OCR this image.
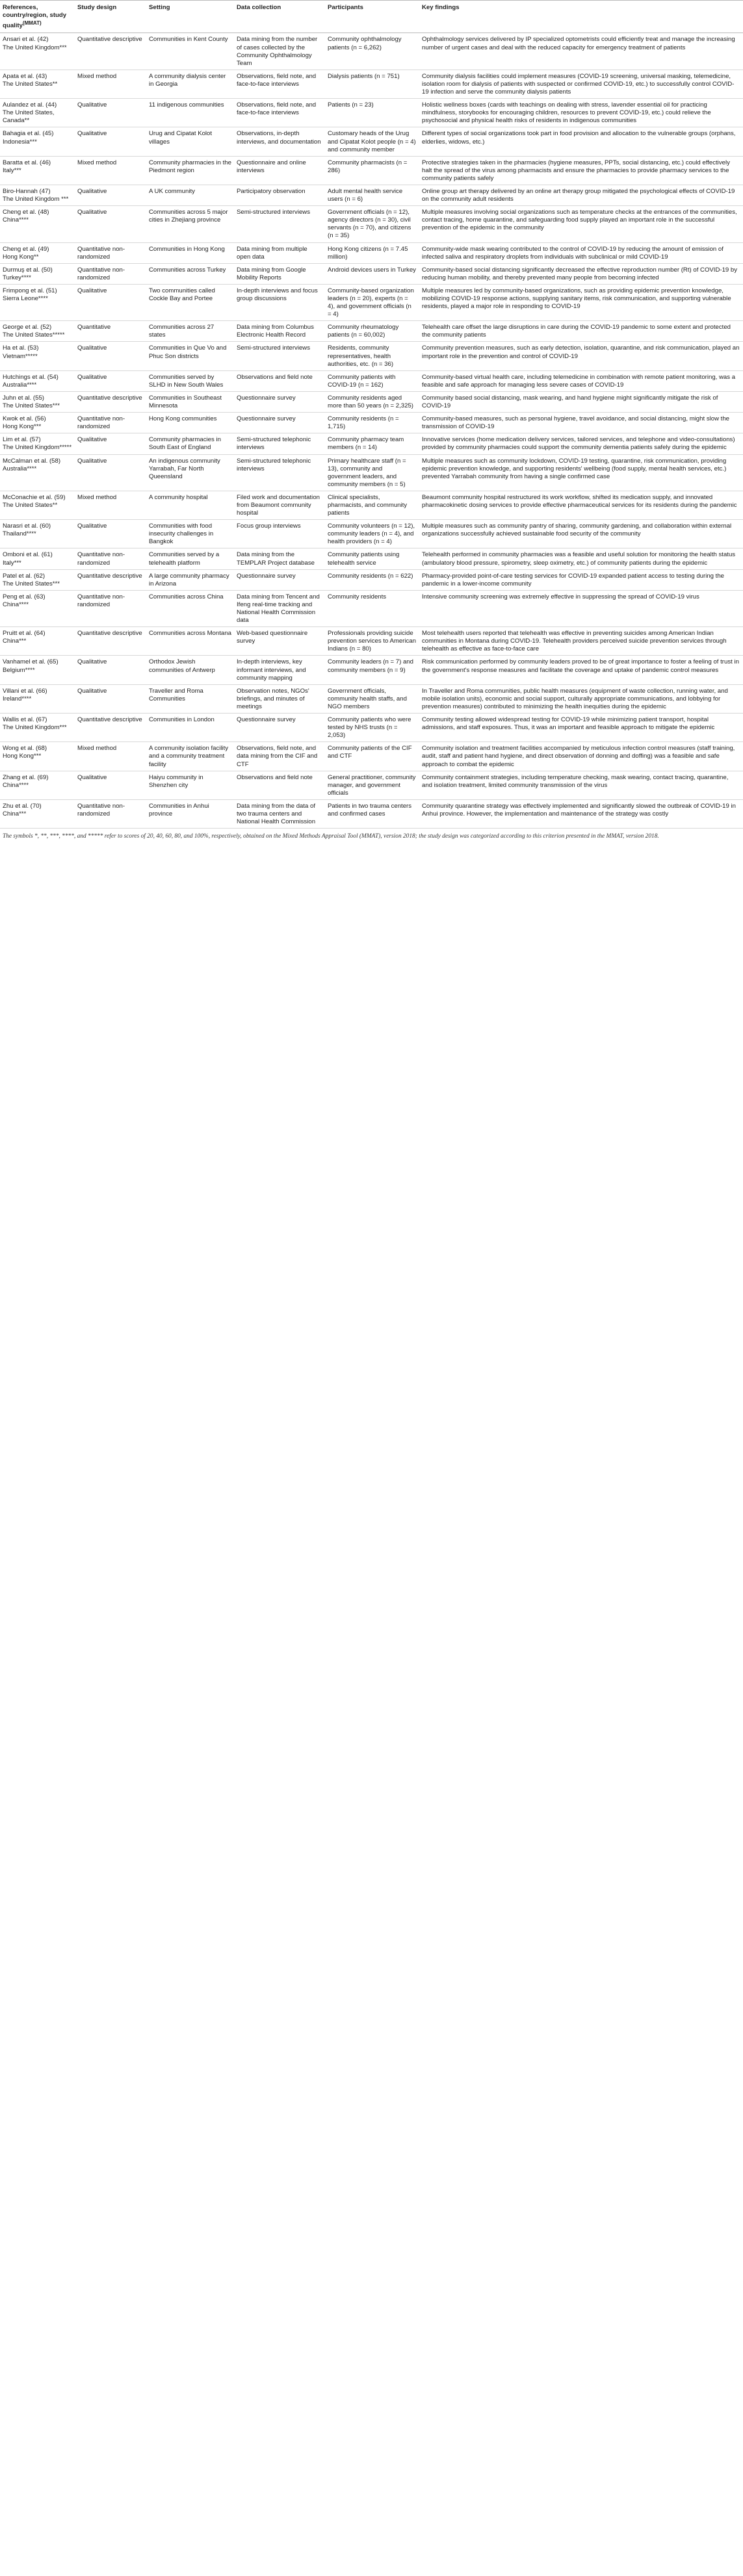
References, country/region, study quality$^{(MMAT)}$	Study design	Setting	Data collection	Participants	Key findings

Ansari et al. (42)
The United Kingdom***	Quantitative descriptive	Communities in Kent County	Data mining from the number of cases collected by the Community Ophthalmology Team	Community ophthalmology patients (n = 6,262)	Ophthalmology services delivered by IP specialized optometrists could efficiently treat and manage the increasing number of urgent cases and deal with the reduced capacity for emergency treatment of patients

Apata et al. (43)
The United States**	Mixed method	A community dialysis center in Georgia	Observations, field note, and face-to-face interviews	Dialysis patients (n = 751)	Community dialysis facilities could implement measures (COVID-19 screening, universal masking, telemedicine, isolation room for dialysis of patients with suspected or confirmed COVID-19, etc.) to successfully control COVID-19 infection and serve the community dialysis patients

Aulandez et al. (44)
The United States, Canada**	Qualitative	11 indigenous communities	Observations, field note, and face-to-face interviews	Patients (n = 23)	Holistic wellness boxes (cards with teachings on dealing with stress, lavender essential oil for practicing mindfulness, storybooks for encouraging children, resources to prevent COVID-19, etc.) could relieve the psychosocial and physical health risks of residents in indigenous communities

Bahagia et al. (45)
Indonesia***	Qualitative	Urug and Cipatat Kolot villages	Observations, in-depth interviews, and documentation	Customary heads of the Urug and Cipatat Kolot people (n = 4) and community member	Different types of social organizations took part in food provision and allocation to the vulnerable groups (orphans, elderlies, widows, etc.)

Baratta et al. (46)
Italy***	Mixed method	Community pharmacies in the Piedmont region	Questionnaire and online interviews	Community pharmacists (n = 286)	Protective strategies taken in the pharmacies (hygiene measures, PPTs, social distancing, etc.) could effectively halt the spread of the virus among pharmacists and ensure the pharmacies to provide pharmacy services to the community patients safely

Biro-Hannah (47)
The United Kingdom ***	Qualitative	A UK community	Participatory observation	Adult mental health service users (n = 6)	Online group art therapy delivered by an online art therapy group mitigated the psychological effects of COVID-19 on the community adult residents

Cheng et al. (48)
China****	Qualitative	Communities across 5 major cities in Zhejiang province	Semi-structured interviews	Government officials (n = 12), agency directors (n = 30), civil servants (n = 70), and citizens (n = 35)	Multiple measures involving social organizations such as temperature checks at the entrances of the communities, contact tracing, home quarantine, and safeguarding food supply played an important role in the successful prevention of the epidemic in the community

Cheng et al. (49)
Hong Kong**	Quantitative non-randomized	Communities in Hong Kong	Data mining from multiple open data	Hong Kong citizens (n = 7.45 million)	Community-wide mask wearing contributed to the control of COVID-19 by reducing the amount of emission of infected saliva and respiratory droplets from individuals with subclinical or mild COVID-19

Durmuş et al. (50)
Turkey****	Quantitative non-randomized	Communities across Turkey	Data mining from Google Mobility Reports	Android devices users in Turkey	Community-based social distancing significantly decreased the effective reproduction number (Rt) of COVID-19 by reducing human mobility, and thereby prevented many people from becoming infected

Frimpong et al. (51)
Sierra Leone****	Qualitative	Two communities called Cockle Bay and Portee	In-depth interviews and focus group discussions	Community-based organization leaders (n = 20), experts (n = 4), and government officials (n = 4)	Multiple measures led by community-based organizations, such as providing epidemic prevention knowledge, mobilizing COVID-19 response actions, supplying sanitary items, risk communication, and supporting vulnerable residents, played a major role in responding to COVID-19

George et al. (52)
The United States*****	Quantitative	Communities across 27 states	Data mining from Columbus Electronic Health Record	Community rheumatology patients (n = 60,002)	Telehealth care offset the large disruptions in care during the COVID-19 pandemic to some extent and protected the community patients

Ha et al. (53)
Vietnam*****	Qualitative	Communities in Que Vo and Phuc Son districts	Semi-structured interviews	Residents, community representatives, health authorities, etc. (n = 36)	Community prevention measures, such as early detection, isolation, quarantine, and risk communication, played an important role in the prevention and control of COVID-19

Hutchings et al. (54)
Australia****	Qualitative	Communities served by SLHD in New South Wales	Observations and field note	Community patients with COVID-19 (n = 162)	Community-based virtual health care, including telemedicine in combination with remote patient monitoring, was a feasible and safe approach for managing less severe cases of COVID-19

Juhn et al. (55)
The United States***	Quantitative descriptive	Communities in Southeast Minnesota	Questionnaire survey	Community residents aged more than 50 years (n = 2,325)	Community based social distancing, mask wearing, and hand hygiene might significantly mitigate the risk of COVID-19

Kwok et al. (56)
Hong Kong***	Quantitative non-randomized	Hong Kong communities	Questionnaire survey	Community residents (n = 1,715)	Community-based measures, such as personal hygiene, travel avoidance, and social distancing, might slow the transmission of COVID-19

Lim et al. (57)
The United Kingdom*****	Qualitative	Community pharmacies in South East of England	Semi-structured telephonic interviews	Community pharmacy team members (n = 14)	Innovative services (home medication delivery services, tailored services, and telephone and video-consultations) provided by community pharmacies could support the community dementia patients safely during the epidemic

McCalman et al. (58)
Australia****	Qualitative	An indigenous community Yarrabah, Far North Queensland	Semi-structured telephonic interviews	Primary healthcare staff (n = 13), community and government leaders, and community members (n = 5)	Multiple measures such as community lockdown, COVID-19 testing, quarantine, risk communication, providing epidemic prevention knowledge, and supporting residents' wellbeing (food supply, mental health services, etc.) prevented Yarrabah community from having a single confirmed case

McConachie et al. (59)
The United States**	Mixed method	A community hospital	Filed work and documentation from Beaumont community hospital	Clinical specialists, pharmacists, and community patients	Beaumont community hospital restructured its work workflow, shifted its medication supply, and innovated pharmacokinetic dosing services to provide effective pharmaceutical services for its residents during the pandemic

Narasri et al. (60)
Thailand****	Qualitative	Communities with food insecurity challenges in Bangkok	Focus group interviews	Community volunteers (n = 12), community leaders (n = 4), and health providers (n = 4)	Multiple measures such as community pantry of sharing, community gardening, and collaboration within external organizations successfully achieved sustainable food security of the community

Omboni et al. (61)
Italy***	Quantitative non-randomized	Communities served by a telehealth platform	Data mining from the TEMPLAR Project database	Community patients using telehealth service	Telehealth performed in community pharmacies was a feasible and useful solution for monitoring the health status (ambulatory blood pressure, spirometry, sleep oximetry, etc.) of community patients during the epidemic

Patel et al. (62)
The United States***	Quantitative descriptive	A large community pharmacy in Arizona	Questionnaire survey	Community residents (n = 622)	Pharmacy-provided point-of-care testing services for COVID-19 expanded patient access to testing during the pandemic in a lower-income community

Peng et al. (63)
China****	Quantitative non-randomized	Communities across China	Data mining from Tencent and Ifeng real-time tracking and National Health Commission data	Community residents	Intensive community screening was extremely effective in suppressing the spread of COVID-19 virus

Pruitt et al. (64)
China***	Quantitative descriptive	Communities across Montana	Web-based questionnaire survey	Professionals providing suicide prevention services to American Indians (n = 80)	Most telehealth users reported that telehealth was effective in preventing suicides among American Indian communities in Montana during COVID-19. Telehealth providers perceived suicide prevention services through telehealth as effective as face-to-face care

Vanhamel et al. (65)
Belgium****	Qualitative	Orthodox Jewish communities of Antwerp	In-depth interviews, key informant interviews, and community mapping	Community leaders (n = 7) and community members (n = 9)	Risk communication performed by community leaders proved to be of great importance to foster a feeling of trust in the government's response measures and facilitate the coverage and uptake of pandemic control measures

Villani et al. (66)
Ireland****	Qualitative	Traveller and Roma Communities	Observation notes, NGOs' briefings, and minutes of meetings	Government officials, community health staffs, and NGO members	In Traveller and Roma communities, public health measures (equipment of waste collection, running water, and mobile isolation units), economic and social support, culturally appropriate communications, and lobbying for prevention measures) contributed to minimizing the health inequities during the epidemic

Wallis et al. (67)
The United Kingdom***	Quantitative descriptive	Communities in London	Questionnaire survey	Community patients who were tested by NHS trusts (n = 2,053)	Community testing allowed widespread testing for COVID-19 while minimizing patient transport, hospital admissions, and staff exposures. Thus, it was an important and feasible approach to mitigate the epidemic

Wong et al. (68)
Hong Kong***	Mixed method	A community isolation facility and a community treatment facility	Observations, field note, and data mining from the CIF and CTF	Community patients of the CIF and CTF	Community isolation and treatment facilities accompanied by meticulous infection control measures (staff training, audit, staff and patient hand hygiene, and direct observation of donning and doffing) was a feasible and safe approach to combat the epidemic

Zhang et al. (69)
China****	Qualitative	Haiyu community in Shenzhen city	Observations and field note	General practitioner, community manager, and government officials	Community containment strategies, including temperature checking, mask wearing, contact tracing, quarantine, and isolation treatment, limited community transmission of the virus

Zhu et al. (70)
China***	Quantitative non-randomized	Communities in Anhui province	Data mining from the data of two trauma centers and National Health Commission	Patients in two trauma centers and confirmed cases	Community quarantine strategy was effectively implemented and significantly slowed the outbreak of COVID-19 in Anhui province. However, the implementation and maintenance of the strategy was costly
The symbols *, **, ***, ****, and ***** refer to scores of 20, 40, 60, 80, and 100%, respectively, obtained on the Mixed Methods Appraisal Tool (MMAT), version 2018; the study design was categorized according to this criterion presented in the MMAT, version 2018.
